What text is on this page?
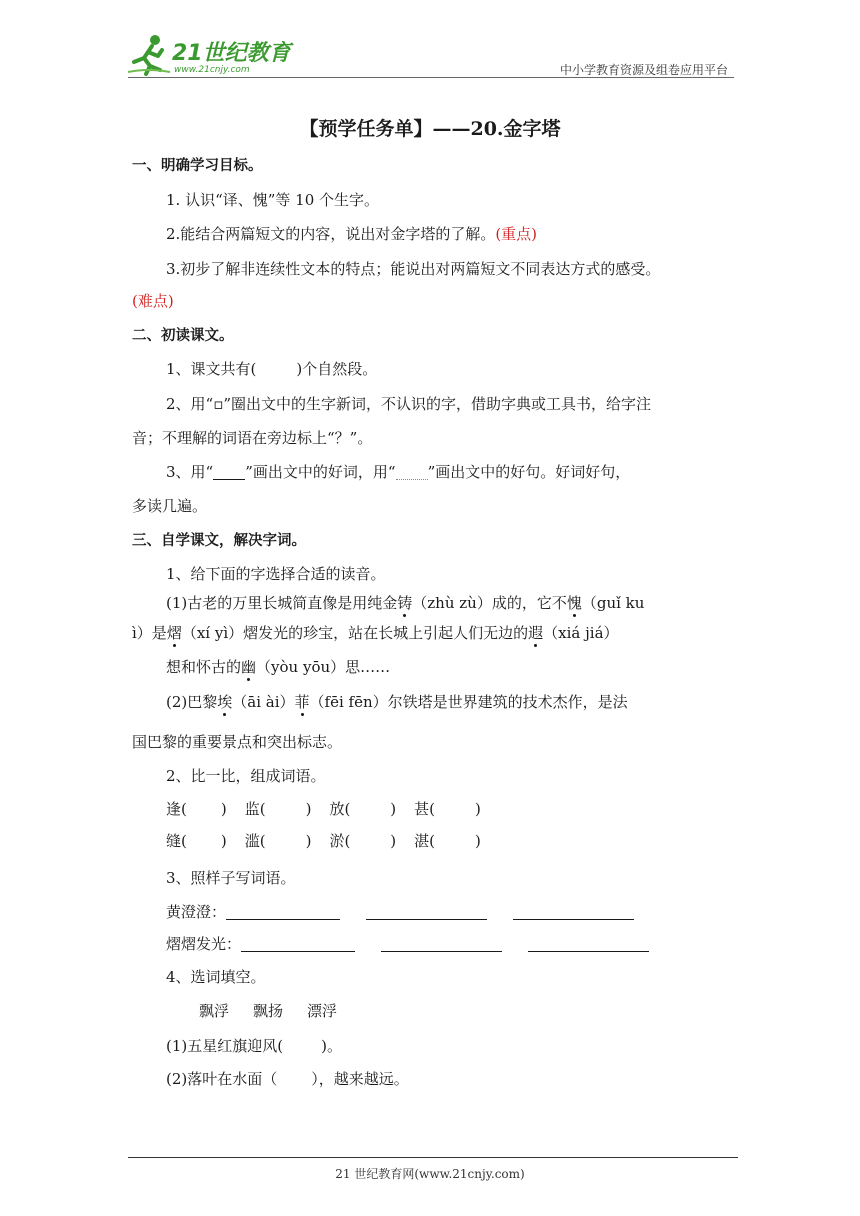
21世纪教育
www.21cnjy.com	中小学教育资源及组卷应用平台
【预学任务单】——20.金字塔
一、明确学习目标。
1. 认识“译、愧”等 10 个生字。
2.能结合两篇短文的内容，说出对金字塔的了解。(重点)
3.初步了解非连续性文本的特点；能说出对两篇短文不同表达方式的感受。
(难点)
二、初读课文。
1、课文共有(	)个自然段。
2、用“▫”圈出文中的生字新词，不认识的字，借助字典或工具书，给字注
音；不理解的词语在旁边标上“？”。
3、用“ ”画出文中的好词，用“ ”画出文中的好句。好词好句，
多读几遍。
三、自学课文，解决字词。
1、给下面的字选择合适的读音。
(1)古老的万里长城简直像是用纯金铸（zhù zù）成的，它不愧（guǐ ku
ì）是熠（xí yì）熠发光的珍宝，站在长城上引起人们无边的遐（xiá jiá）
想和怀古的幽（yòu yōu）思……
(2)巴黎埃（āi ài）菲（fēi fēn）尔铁塔是世界建筑的技术杰作，是法
国巴黎的重要景点和突出标志。
2、比一比，组成词语。
逢( ) 监(	) 放(	) 甚(	)
缝( ) 滥(	) 淤(	) 湛(	)
3、照样子写词语。
黄澄澄：
熠熠发光：
4、选词填空。
飘浮 飘扬 漂浮
(1)五星红旗迎风(	)。
(2)落叶在水面（ ），越来越远。
21 世纪教育网(www.21cnjy.com)
